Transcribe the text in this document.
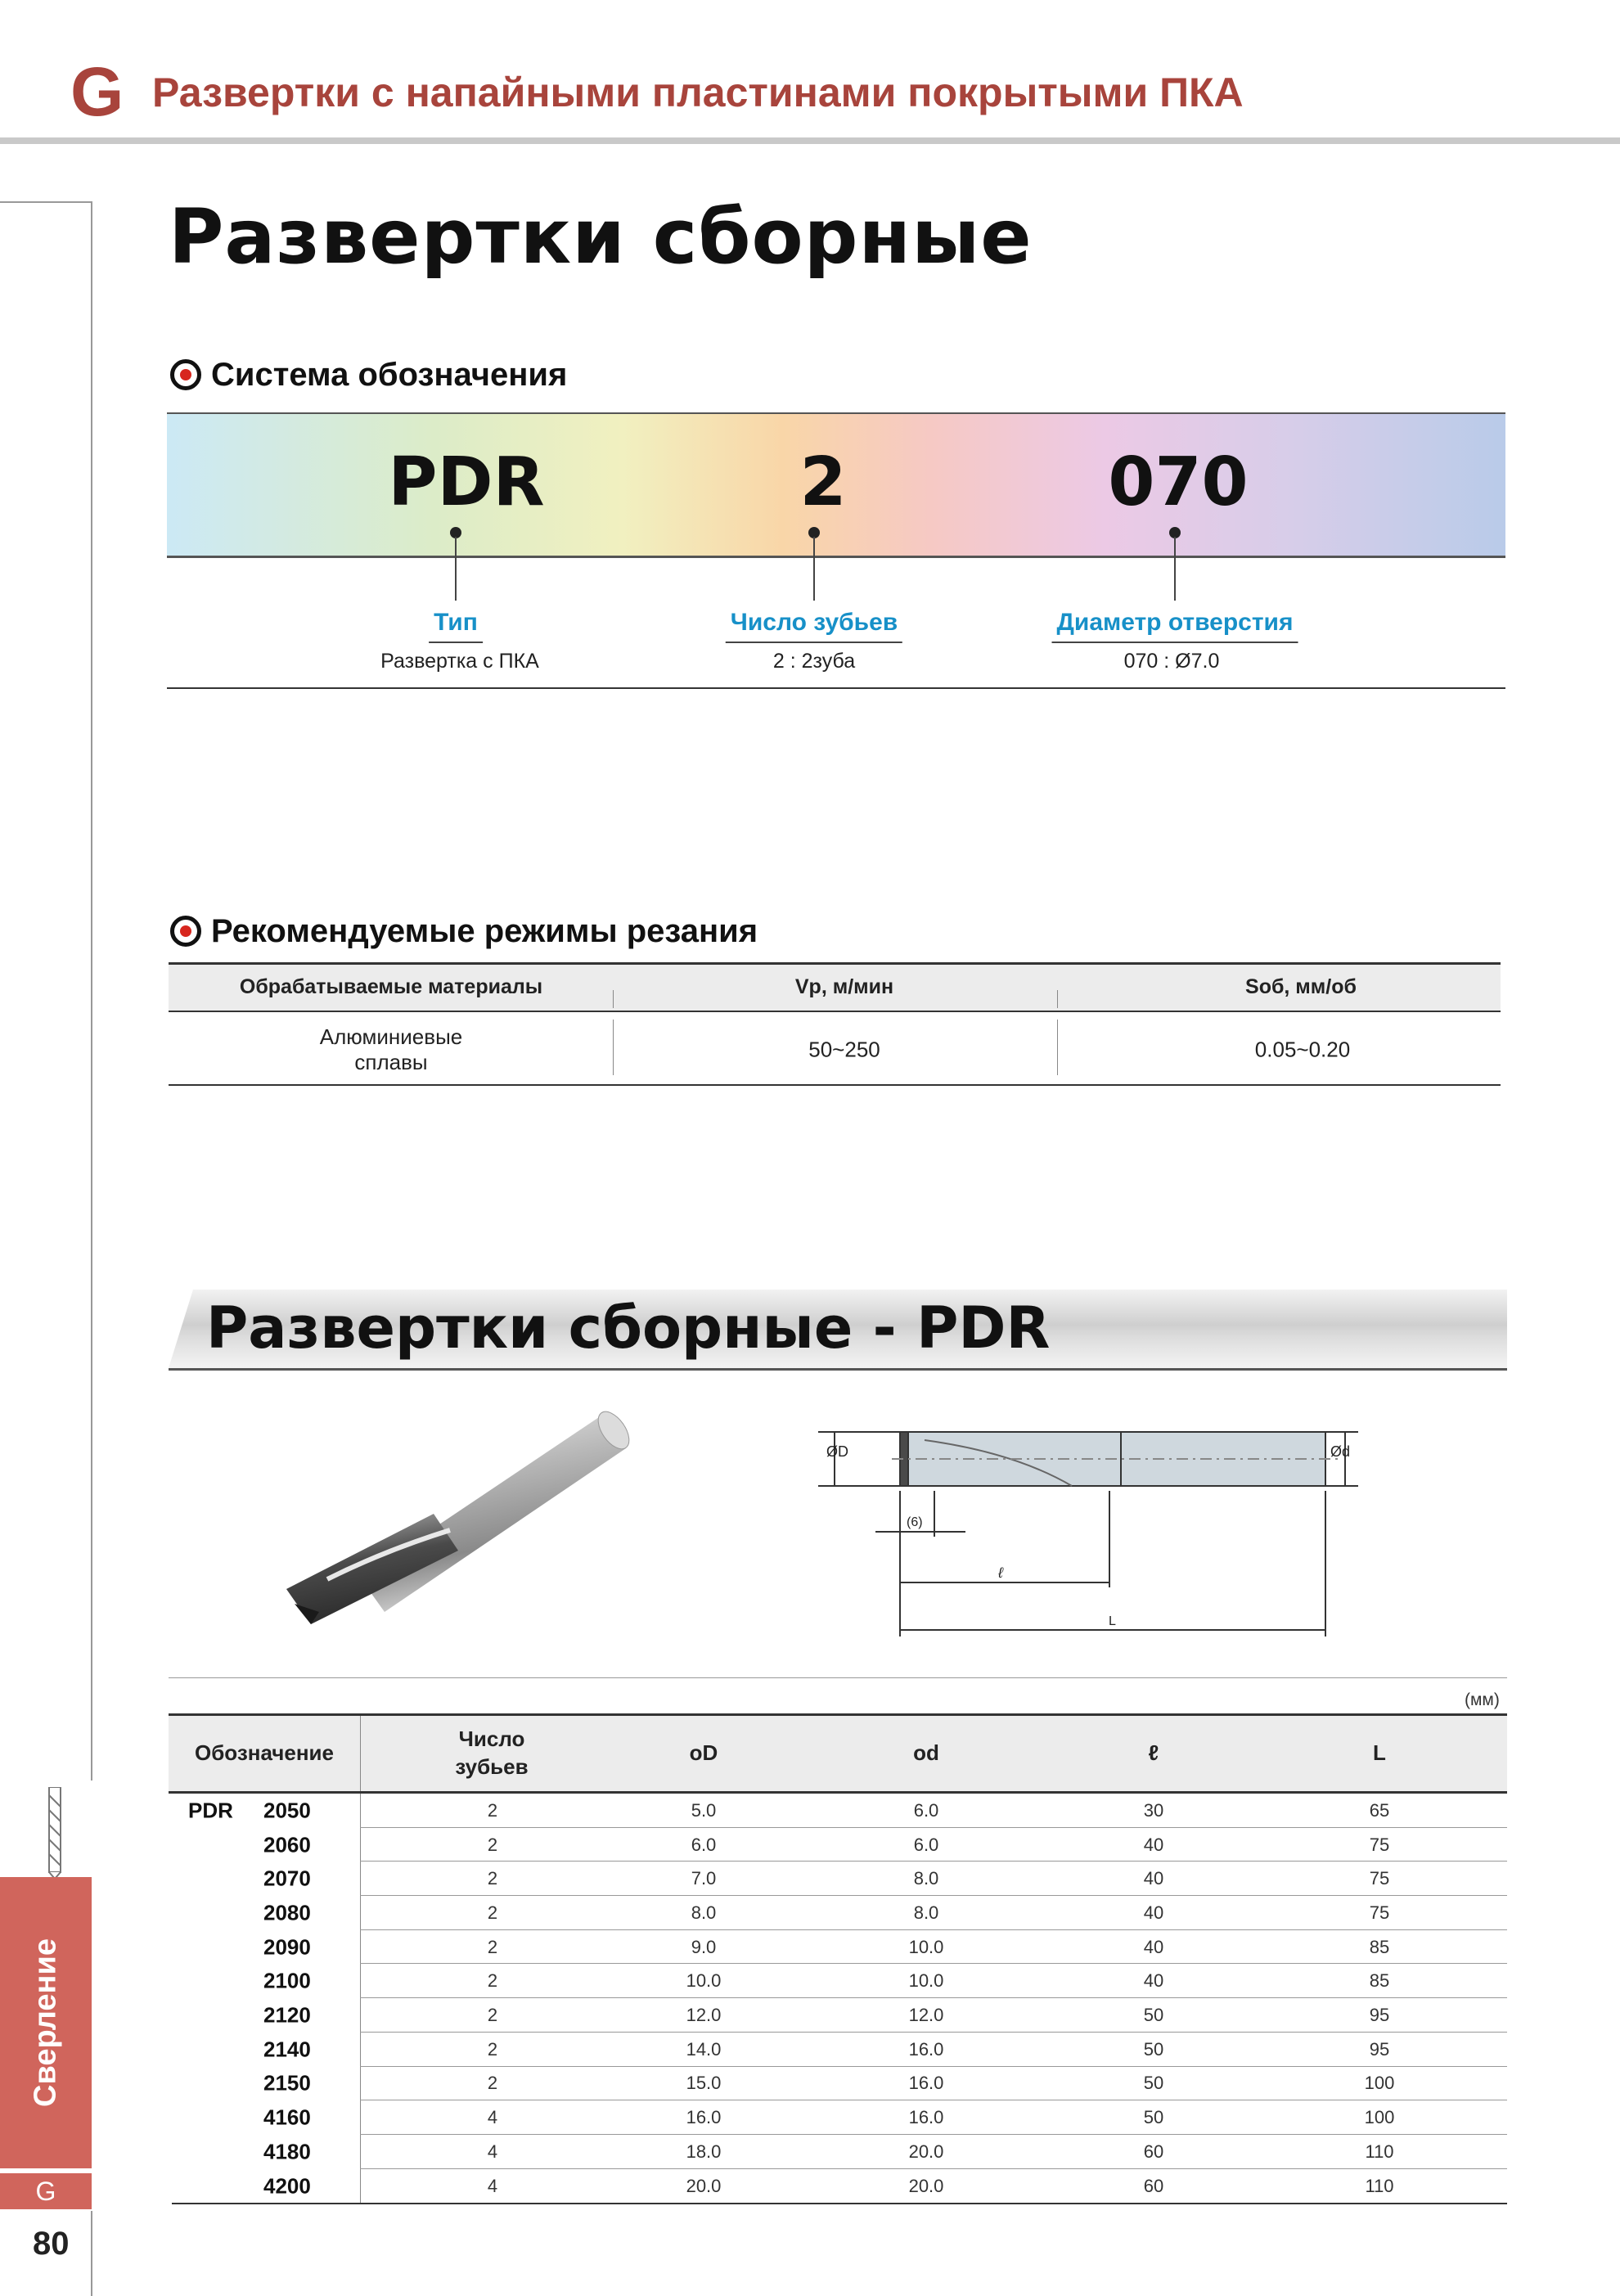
G Развертки с напайными пластинами покрытыми ПКА
Сверление
G
80
Развертки сборные
Система обозначения
PDR	2	070
Тип	Число зубьев	Диаметр отверстия
Развертка с ПКА	2 : 2зуба	070 : Ø7.0
Рекомендуемые режимы резания
Обрабатываемые материалы	Vp, м/мин	Soб, мм/об
Алюминиевые
сплавы
50~250	0.05~0.20
Развертки сборные - PDR
ØD	Ød
(6)
ℓ
L
(мм)
Обозначение
Число
зубьев
oD	od	ℓ	L
PDR 2050	2	5.0	6.0	30	65
2060	2	6.0	6.0	40	75
2070	2	7.0	8.0	40	75
2080	2	8.0	8.0	40	75
2090	2	9.0	10.0	40	85
2100	2	10.0	10.0	40	85
2120	2	12.0	12.0	50	95
2140	2	14.0	16.0	50	95
2150	2	15.0	16.0	50	100
4160	4	16.0	16.0	50	100
4180	4	18.0	20.0	60	110
4200	4	20.0	20.0	60	110
